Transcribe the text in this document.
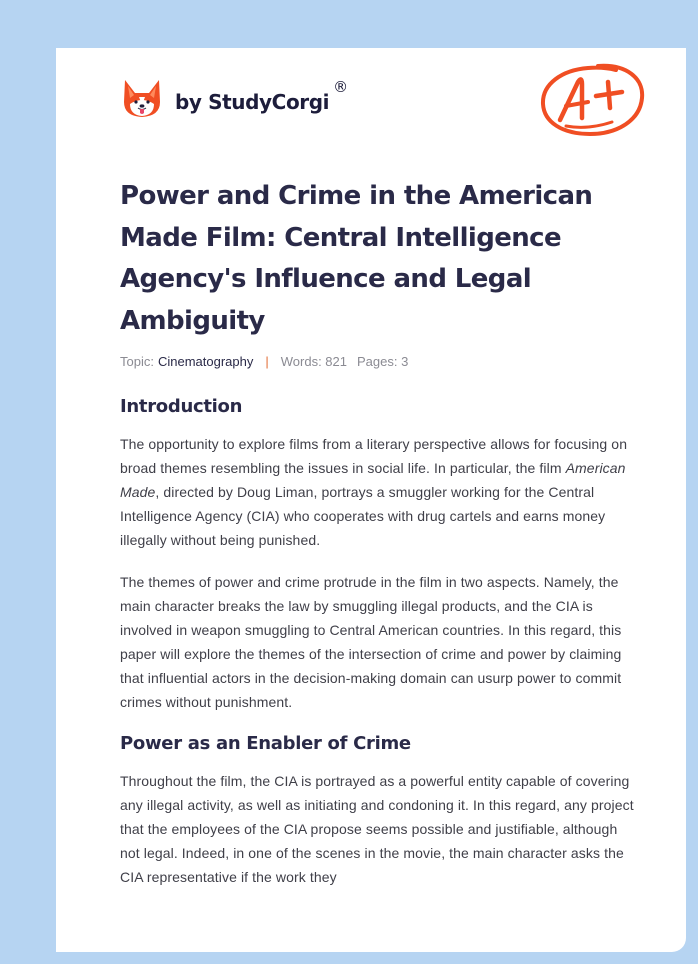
by StudyCorgi
®
Power and Crime in the American Made Film: Central Intelligence Agency's Influence and Legal Ambiguity
Topic: Cinematography | Words: 821 Pages: 3
Introduction

The opportunity to explore films from a literary perspective allows for focusing on broad themes resembling the issues in social life. In particular, the film American Made, directed by Doug Liman, portrays a smuggler working for the Central Intelligence Agency (CIA) who cooperates with drug cartels and earns money illegally without being punished.

The themes of power and crime protrude in the film in two aspects. Namely, the main character breaks the law by smuggling illegal products, and the CIA is involved in weapon smuggling to Central American countries. In this regard, this paper will explore the themes of the intersection of crime and power by claiming that influential actors in the decision-making domain can usurp power to commit crimes without punishment.

Power as an Enabler of Crime

Throughout the film, the CIA is portrayed as a powerful entity capable of covering any illegal activity, as well as initiating and condoning it. In this regard, any project that the employees of the CIA propose seems possible and justifiable, although not legal. Indeed, in one of the scenes in the movie, the main character asks the CIA representative if the work they
